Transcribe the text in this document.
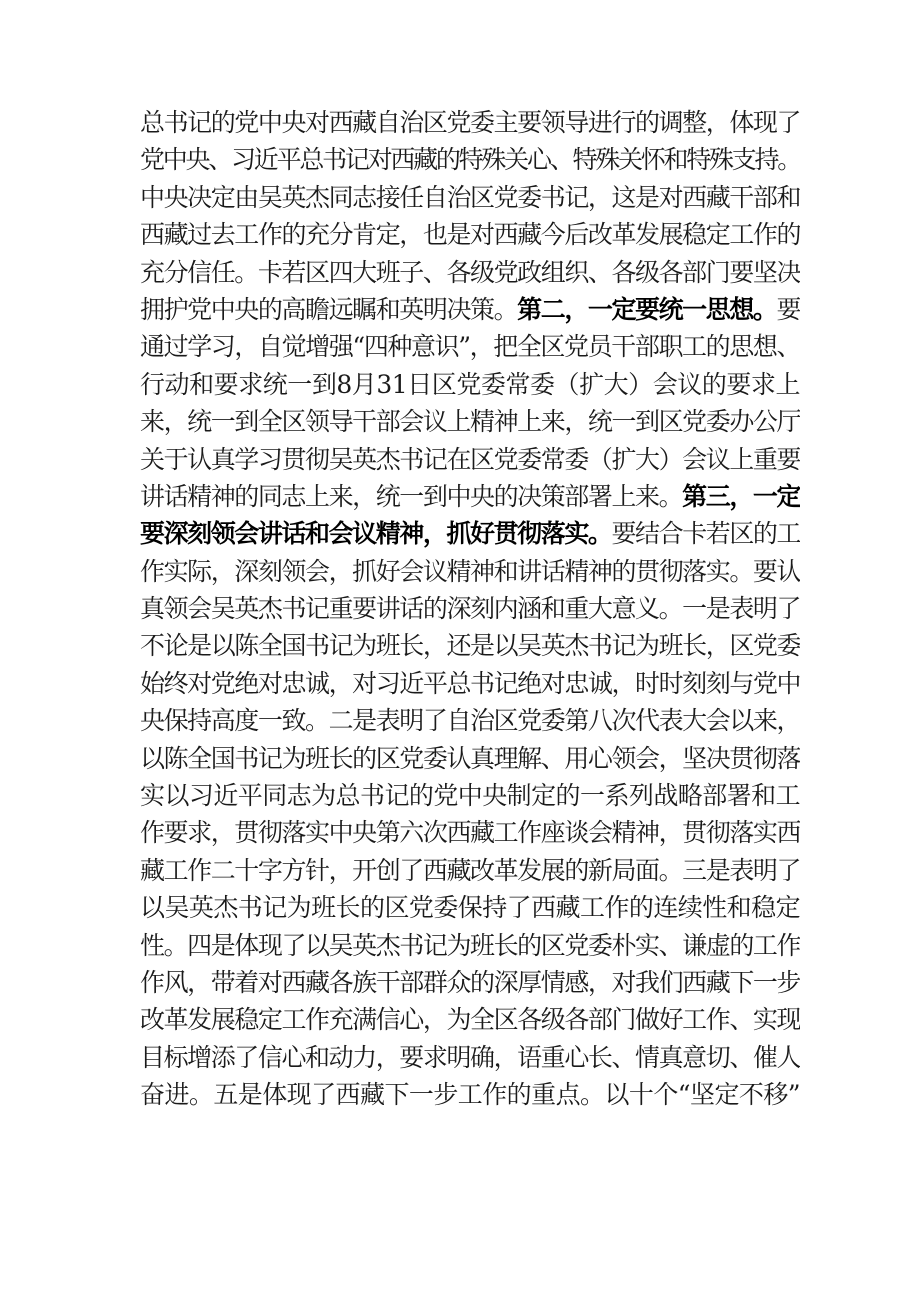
总书记的党中央对西藏自治区党委主要领导进行的调整，体现了
党中央、习近平总书记对西藏的特殊关心、特殊关怀和特殊支持。
中央决定由吴英杰同志接任自治区党委书记，这是对西藏干部和
西藏过去工作的充分肯定，也是对西藏今后改革发展稳定工作的
充分信任。卡若区四大班子、各级党政组织、各级各部门要坚决
拥护党中央的高瞻远瞩和英明决策。第二，一定要统一思想。要
通过学习，自觉增强“四种意识”，把全区党员干部职工的思想、
行动和要求统一到8月31日区党委常委（扩大）会议的要求上
来，统一到全区领导干部会议上精神上来，统一到区党委办公厅
关于认真学习贯彻吴英杰书记在区党委常委（扩大）会议上重要
讲话精神的同志上来，统一到中央的决策部署上来。第三，一定
要深刻领会讲话和会议精神，抓好贯彻落实。要结合卡若区的工
作实际，深刻领会，抓好会议精神和讲话精神的贯彻落实。要认
真领会吴英杰书记重要讲话的深刻内涵和重大意义。一是表明了
不论是以陈全国书记为班长，还是以吴英杰书记为班长，区党委
始终对党绝对忠诚，对习近平总书记绝对忠诚，时时刻刻与党中
央保持高度一致。二是表明了自治区党委第八次代表大会以来，
以陈全国书记为班长的区党委认真理解、用心领会，坚决贯彻落
实以习近平同志为总书记的党中央制定的一系列战略部署和工
作要求，贯彻落实中央第六次西藏工作座谈会精神，贯彻落实西
藏工作二十字方针，开创了西藏改革发展的新局面。三是表明了
以吴英杰书记为班长的区党委保持了西藏工作的连续性和稳定
性。四是体现了以吴英杰书记为班长的区党委朴实、谦虚的工作
作风，带着对西藏各族干部群众的深厚情感，对我们西藏下一步
改革发展稳定工作充满信心，为全区各级各部门做好工作、实现
目标增添了信心和动力，要求明确，语重心长、情真意切、催人
奋进。五是体现了西藏下一步工作的重点。以十个“坚定不移”
